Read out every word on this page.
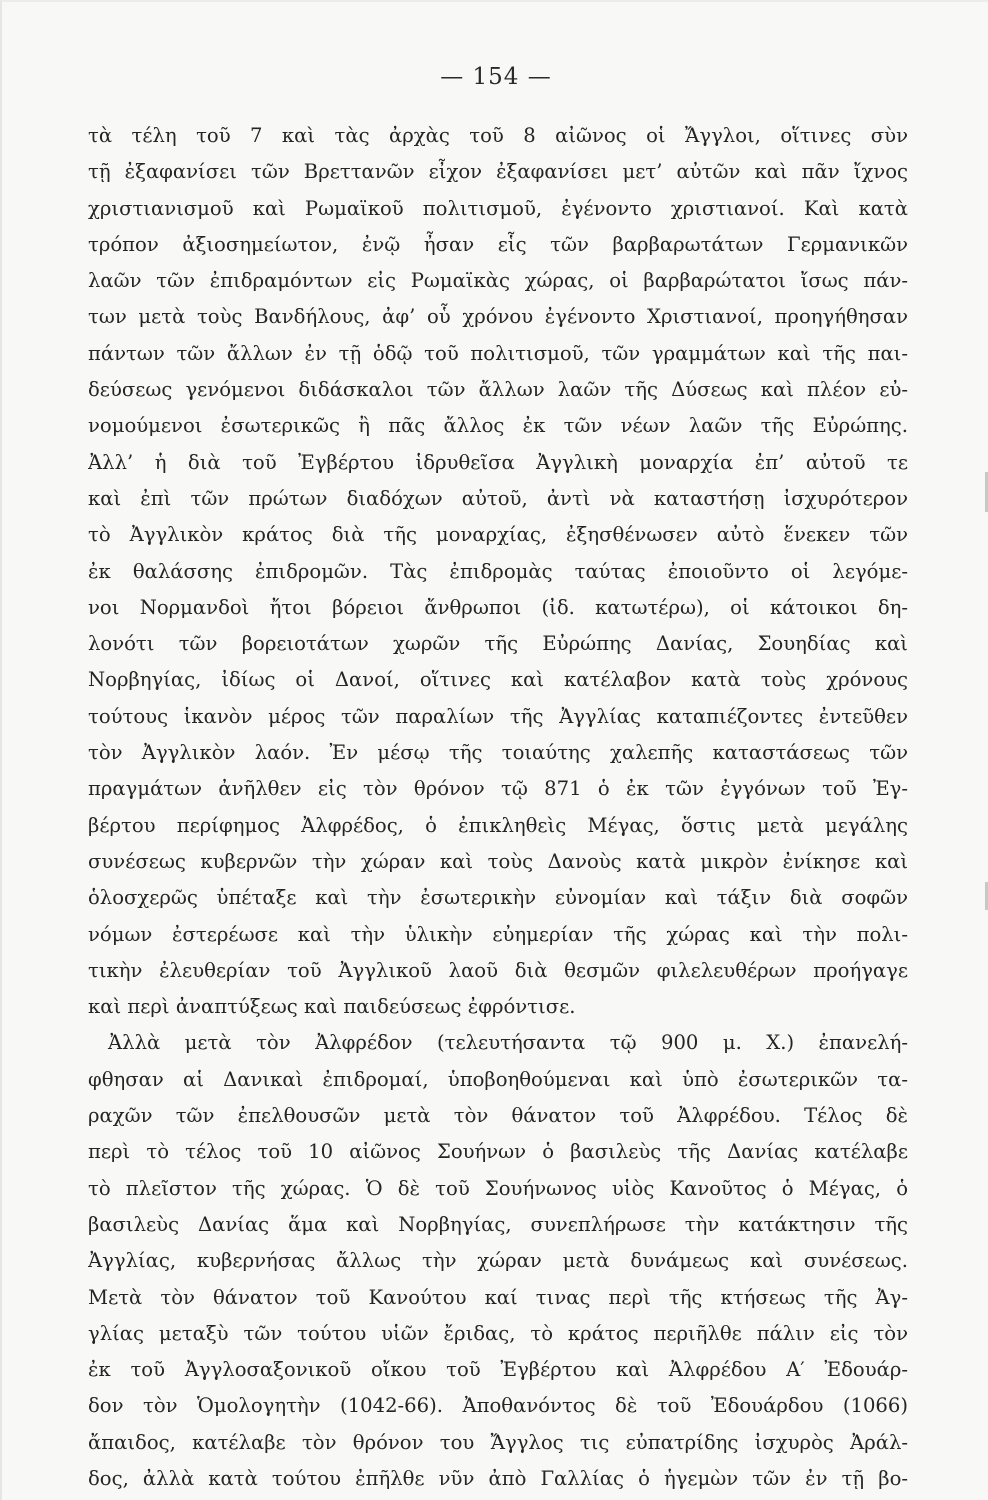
— 154 —
τὰ τέλη τοῦ 7 καὶ τὰς ἀρχὰς τοῦ 8 αἰῶνος οἱ Ἄγγλοι, οἵτινες σὺν
τῇ ἐξαφανίσει τῶν Βρεττανῶν εἶχον ἐξαφανίσει μετ’ αὐτῶν καὶ πᾶν ἴχνος
χριστιανισμοῦ καὶ Ρωμαϊκοῦ πολιτισμοῦ, ἐγένοντο χριστιανοί. Καὶ κατὰ
τρόπον ἀξιοσημείωτον, ἐνῷ ἦσαν εἷς τῶν βαρβαρωτάτων Γερμανικῶν
λαῶν τῶν ἐπιδραμόντων εἰς Ρωμαϊκὰς χώρας, οἱ βαρβαρώτατοι ἴσως πάν-
των μετὰ τοὺς Βανδήλους, ἀφ’ οὗ χρόνου ἐγένοντο Χριστιανοί, προηγήθησαν
πάντων τῶν ἄλλων ἐν τῇ ὁδῷ τοῦ πολιτισμοῦ, τῶν γραμμάτων καὶ τῆς παι-
δεύσεως γενόμενοι διδάσκαλοι τῶν ἄλλων λαῶν τῆς Δύσεως καὶ πλέον εὐ-
νομούμενοι ἐσωτερικῶς ἢ πᾶς ἄλλος ἐκ τῶν νέων λαῶν τῆς Εὐρώπης.
Ἀλλ’ ἡ διὰ τοῦ Ἐγβέρτου ἱδρυθεῖσα Ἀγγλικὴ μοναρχία ἐπ’ αὐτοῦ τε
καὶ ἐπὶ τῶν πρώτων διαδόχων αὐτοῦ, ἀντὶ νὰ καταστήσῃ ἰσχυρότερον
τὸ Ἀγγλικὸν κράτος διὰ τῆς μοναρχίας, ἐξησθένωσεν αὐτὸ ἕνεκεν τῶν
ἐκ θαλάσσης ἐπιδρομῶν. Τὰς ἐπιδρομὰς ταύτας ἐποιοῦντο οἱ λεγόμε-
νοι Νορμανδοὶ ἤτοι βόρειοι ἄνθρωποι (ἰδ. κατωτέρω), οἱ κάτοικοι δη-
λονότι τῶν βορειοτάτων χωρῶν τῆς Εὐρώπης Δανίας, Σουηδίας καὶ
Νορβηγίας, ἰδίως οἱ Δανοί, οἵτινες καὶ κατέλαβον κατὰ τοὺς χρόνους
τούτους ἱκανὸν μέρος τῶν παραλίων τῆς Ἀγγλίας καταπιέζοντες ἐντεῦθεν
τὸν Ἀγγλικὸν λαόν. Ἐν μέσῳ τῆς τοιαύτης χαλεπῆς καταστάσεως τῶν
πραγμάτων ἀνῆλθεν εἰς τὸν θρόνον τῷ 871 ὁ ἐκ τῶν ἐγγόνων τοῦ Ἐγ-
βέρτου περίφημος Ἀλφρέδος, ὁ ἐπικληθεὶς Μέγας, ὅστις μετὰ μεγάλης
συνέσεως κυβερνῶν τὴν χώραν καὶ τοὺς Δανοὺς κατὰ μικρὸν ἐνίκησε καὶ
ὁλοσχερῶς ὑπέταξε καὶ τὴν ἐσωτερικὴν εὐνομίαν καὶ τάξιν διὰ σοφῶν
νόμων ἐστερέωσε καὶ τὴν ὑλικὴν εὐημερίαν τῆς χώρας καὶ τὴν πολι-
τικὴν ἐλευθερίαν τοῦ Ἀγγλικοῦ λαοῦ διὰ θεσμῶν φιλελευθέρων προήγαγε
καὶ περὶ ἀναπτύξεως καὶ παιδεύσεως ἐφρόντισε.
Ἀλλὰ μετὰ τὸν Ἀλφρέδον (τελευτήσαντα τῷ 900 μ. Χ.) ἐπανελή-
φθησαν αἱ Δανικαὶ ἐπιδρομαί, ὑποβοηθούμεναι καὶ ὑπὸ ἐσωτερικῶν τα-
ραχῶν τῶν ἐπελθουσῶν μετὰ τὸν θάνατον τοῦ Ἀλφρέδου. Τέλος δὲ
περὶ τὸ τέλος τοῦ 10 αἰῶνος Σουήνων ὁ βασιλεὺς τῆς Δανίας κατέλαβε
τὸ πλεῖστον τῆς χώρας. Ὁ δὲ τοῦ Σουήνωνος υἱὸς Κανοῦτος ὁ Μέγας, ὁ
βασιλεὺς Δανίας ἅμα καὶ Νορβηγίας, συνεπλήρωσε τὴν κατάκτησιν τῆς
Ἀγγλίας, κυβερνήσας ἄλλως τὴν χώραν μετὰ δυνάμεως καὶ συνέσεως.
Μετὰ τὸν θάνατον τοῦ Κανούτου καί τινας περὶ τῆς κτήσεως τῆς Ἀγ-
γλίας μεταξὺ τῶν τούτου υἱῶν ἔριδας, τὸ κράτος περιῆλθε πάλιν εἰς τὸν
ἐκ τοῦ Ἀγγλοσαξονικοῦ οἴκου τοῦ Ἐγβέρτου καὶ Ἀλφρέδου Α′ Ἐδουάρ-
δον τὸν Ὁμολογητὴν (1042-66). Ἀποθανόντος δὲ τοῦ Ἐδουάρδου (1066)
ἄπαιδος, κατέλαβε τὸν θρόνον του Ἄγγλος τις εὐπατρίδης ἰσχυρὸς Ἀράλ-
δος, ἀλλὰ κατὰ τούτου ἐπῆλθε νῦν ἀπὸ Γαλλίας ὁ ἡγεμὼν τῶν ἐν τῇ βο-
